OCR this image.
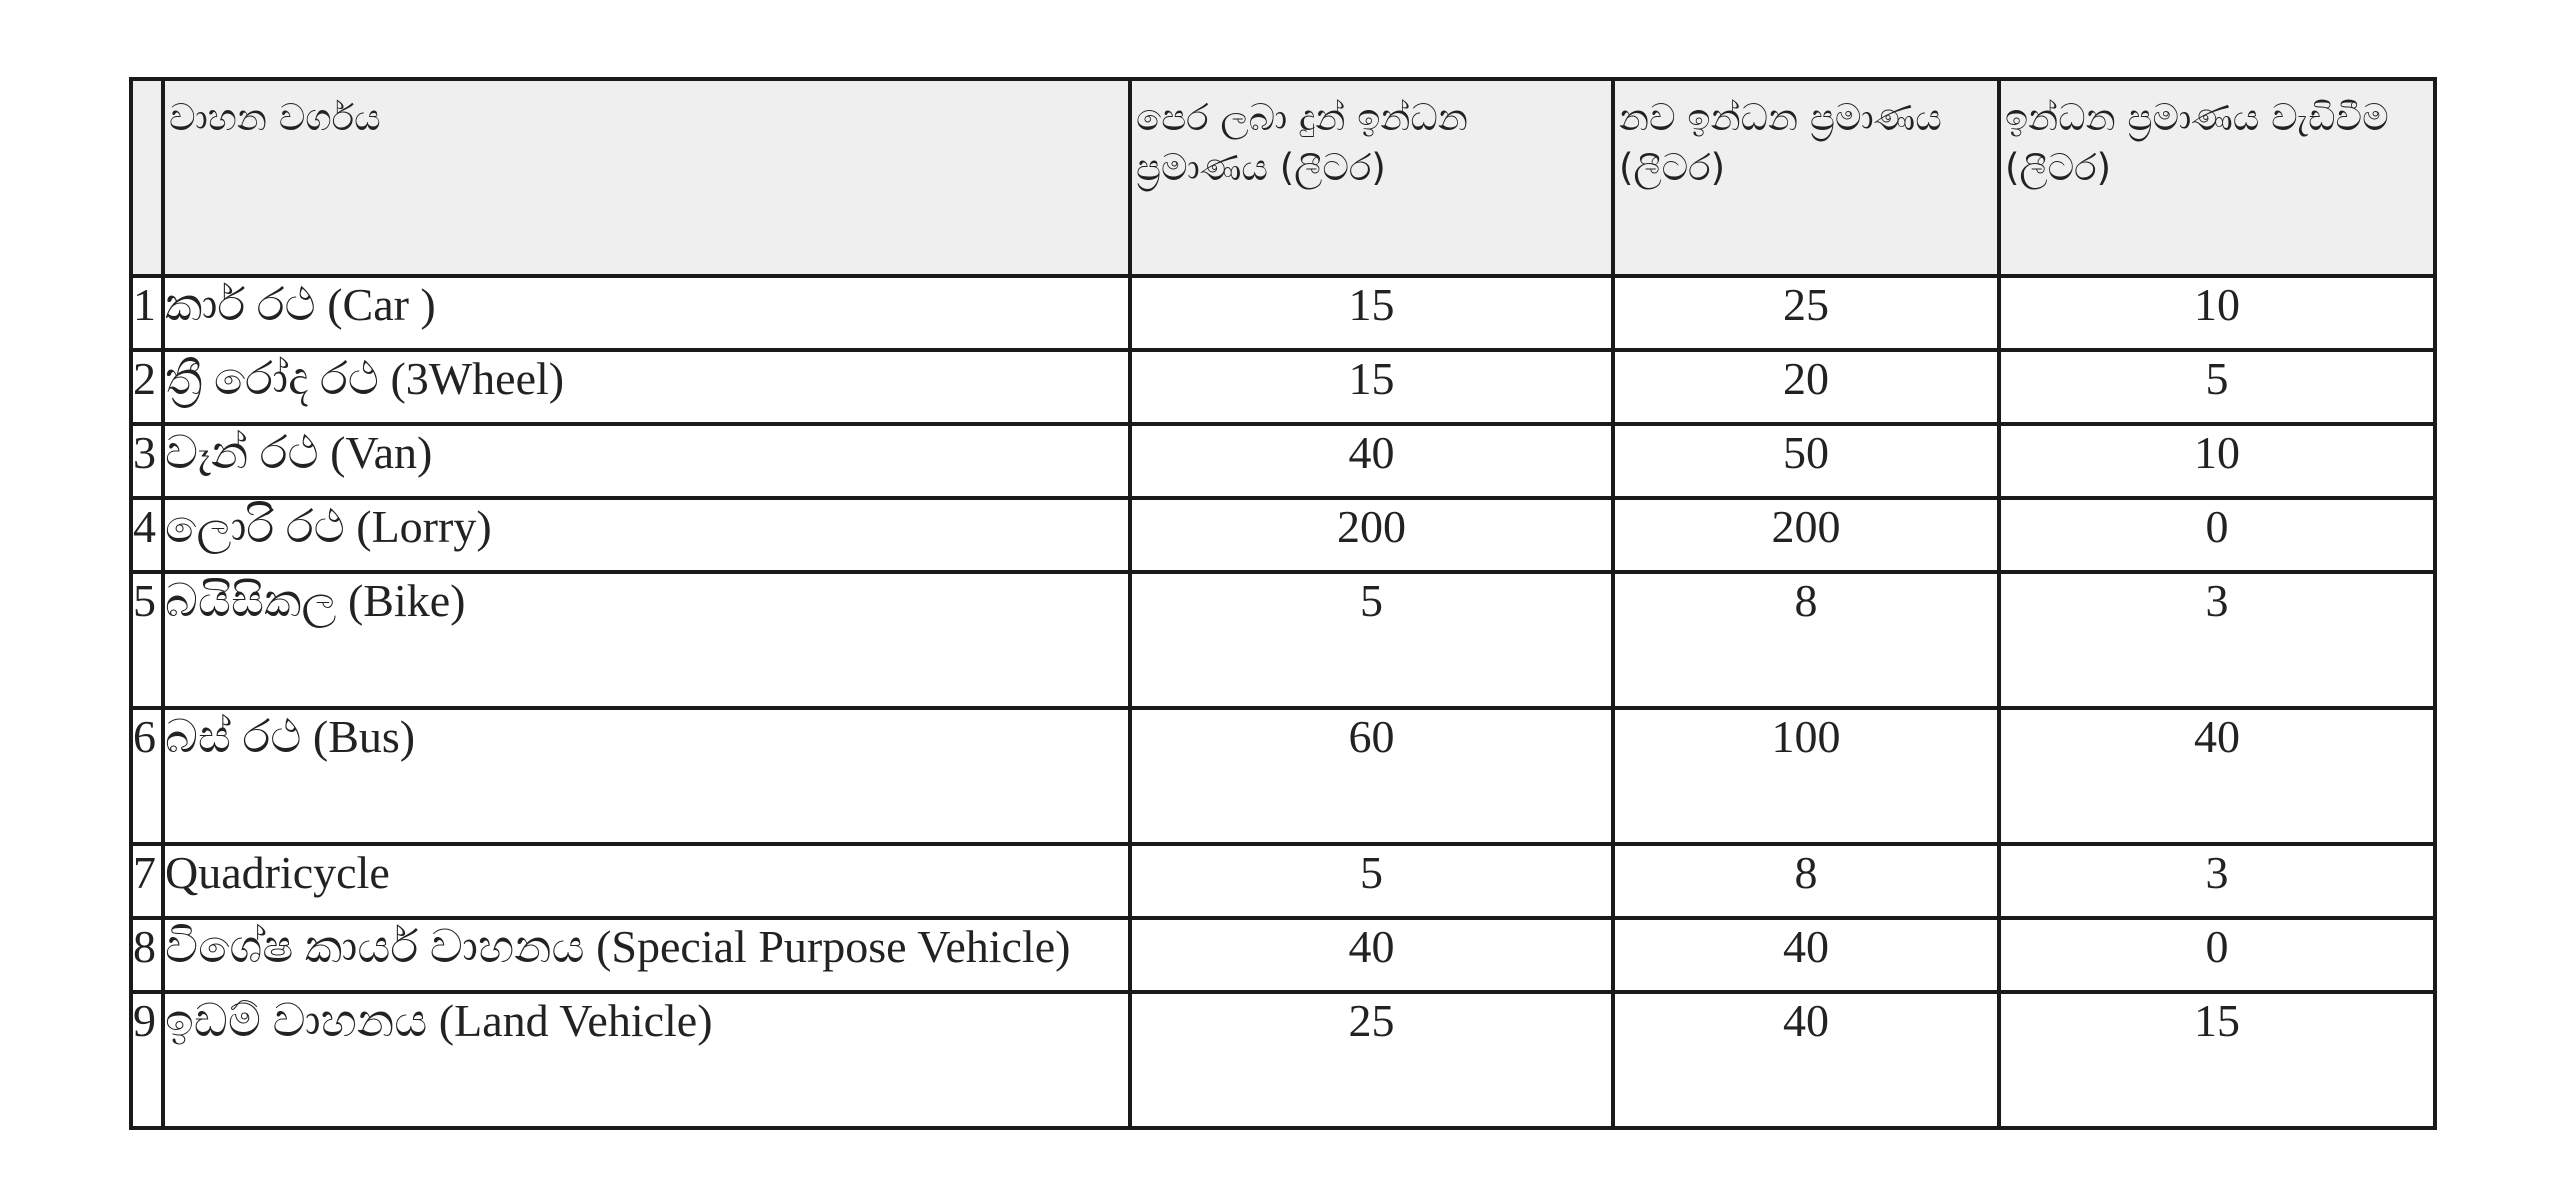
	වාහන වර්ගය	පෙර ලබා දුන් ඉන්ධන ප්‍රමාණය (ලීටර)	නව ඉන්ධන ප්‍රමාණය (ලීටර)	ඉන්ධන ප්‍රමාණය වැඩිවීම (ලීටර)
1	කාර් රථ (Car )	15	25	10
2	ත්‍රී රෝද රථ (3Wheel)	15	20	5
3	වෑන් රථ (Van)	40	50	10
4	ලොරි රථ (Lorry)	200	200	0
5	බයිසිකල (Bike)	5	8	3
6	බස් රථ (Bus)	60	100	40
7	Quadricycle	5	8	3
8	විශේෂ කාර්ය වාහනය (Special Purpose Vehicle)	40	40	0
9	ඉඩම් වාහනය (Land Vehicle)	25	40	15
